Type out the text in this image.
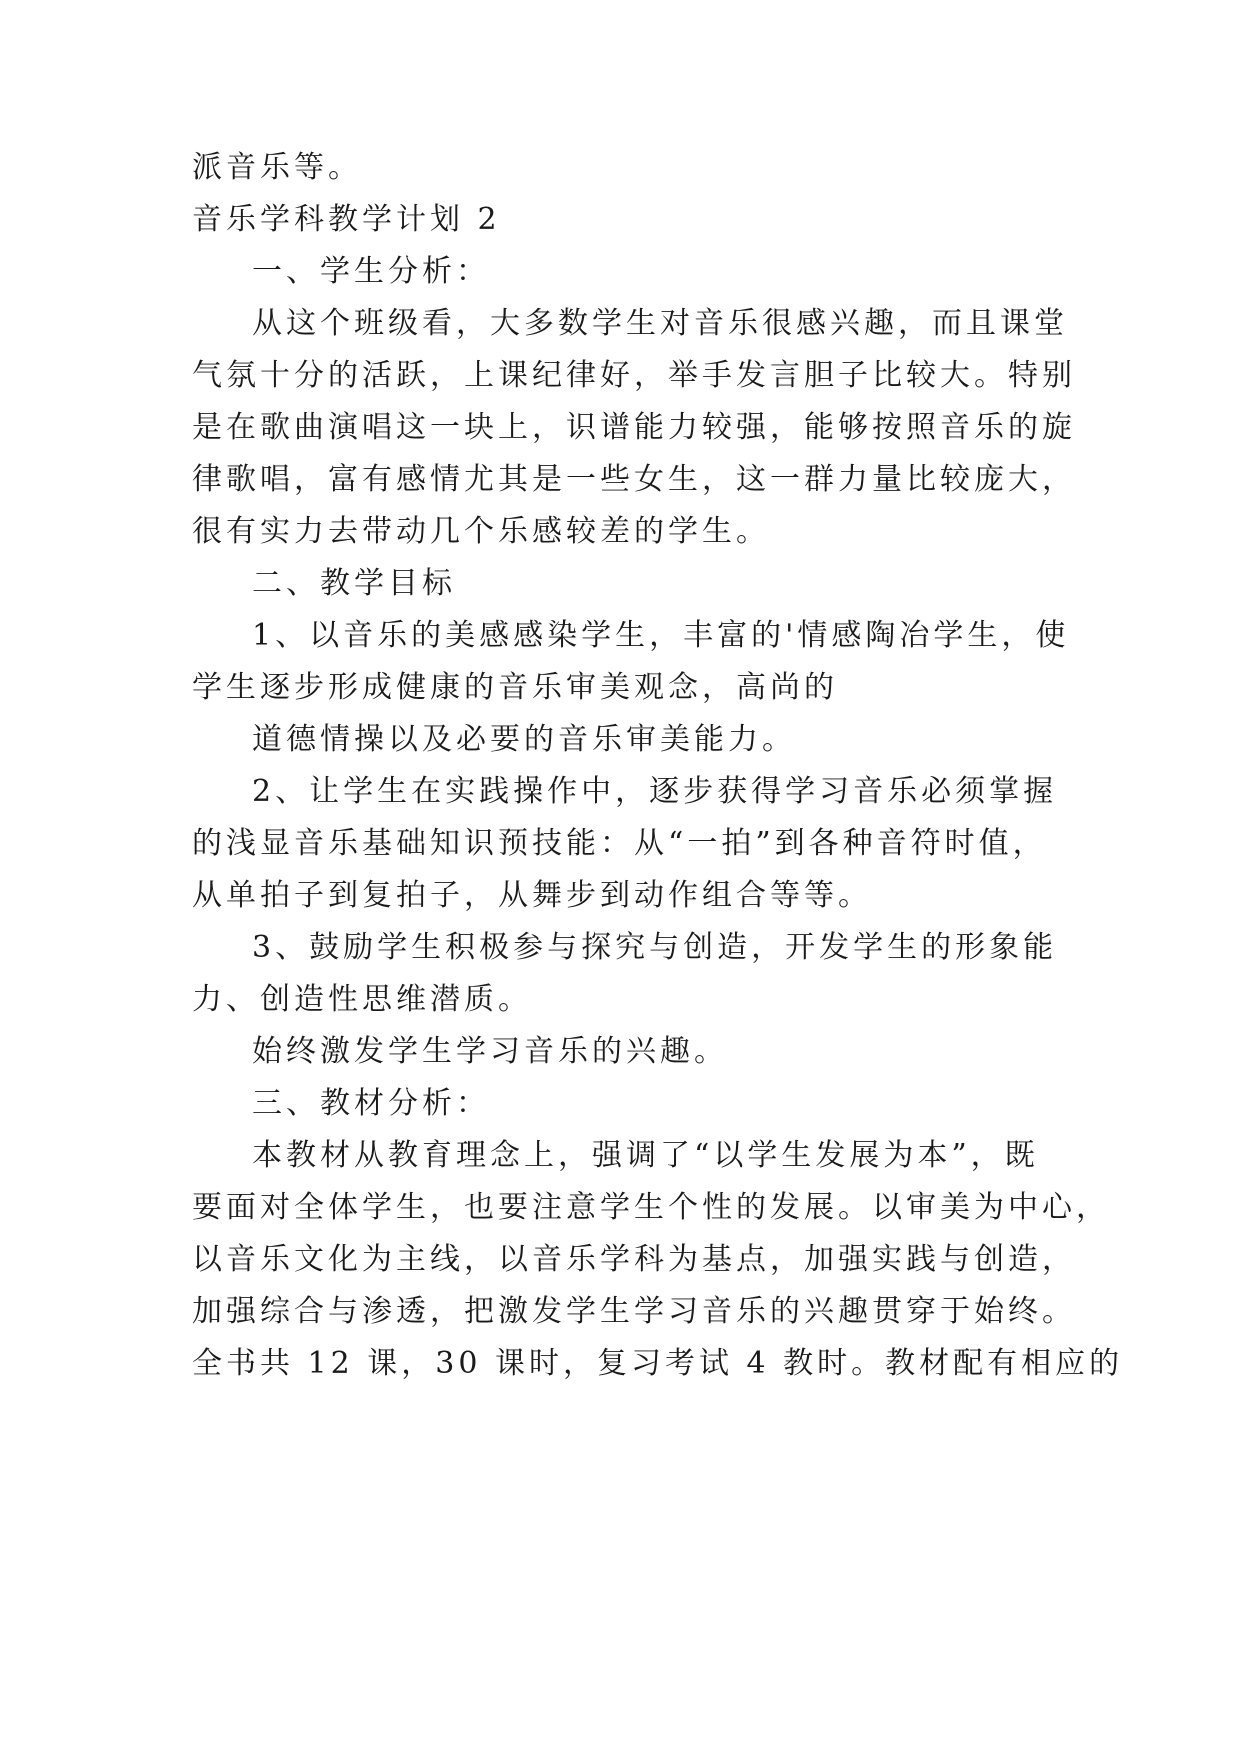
派音乐等。
音乐学科教学计划 2
一、学生分析：
从这个班级看，大多数学生对音乐很感兴趣，而且课堂
气氛十分的活跃，上课纪律好，举手发言胆子比较大。特别
是在歌曲演唱这一块上，识谱能力较强，能够按照音乐的旋
律歌唱，富有感情尤其是一些女生，这一群力量比较庞大，
很有实力去带动几个乐感较差的学生。
二、教学目标
1、以音乐的美感感染学生，丰富的'情感陶冶学生，使
学生逐步形成健康的音乐审美观念，高尚的
道德情操以及必要的音乐审美能力。
2、让学生在实践操作中，逐步获得学习音乐必须掌握
的浅显音乐基础知识预技能：从“一拍”到各种音符时值，
从单拍子到复拍子，从舞步到动作组合等等。
3、鼓励学生积极参与探究与创造，开发学生的形象能
力、创造性思维潜质。
始终激发学生学习音乐的兴趣。
三、教材分析：
本教材从教育理念上，强调了“以学生发展为本”，既
要面对全体学生，也要注意学生个性的发展。以审美为中心，
以音乐文化为主线，以音乐学科为基点，加强实践与创造，
加强综合与渗透，把激发学生学习音乐的兴趣贯穿于始终。
全书共 12 课，30 课时，复习考试 4 教时。教材配有相应的
